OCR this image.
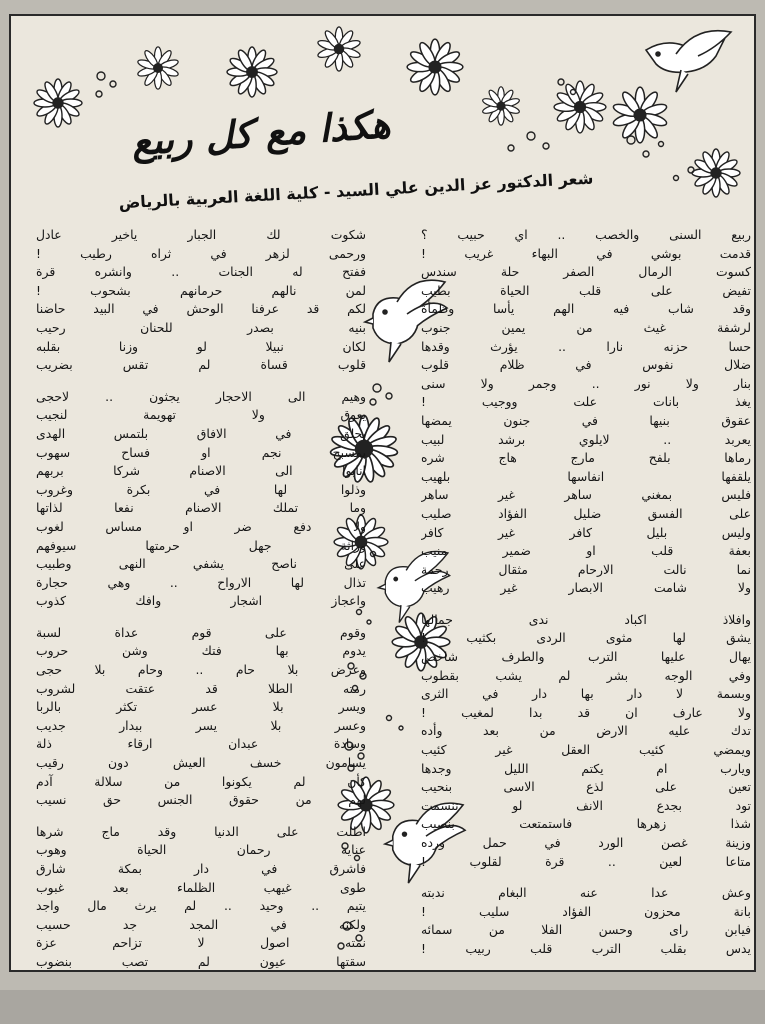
هكذا مع كل ربيع
شعر الدكتور عز الدين علي السيد - كلية اللغة العربية بالرياض
ربيع السنى والخصب .. اي حبيب ؟
قدمت بوشي في البهاء غريب !
كسوت الرمال الصفر حلة سندس
تفيض على قلب الحياة بطيب
وقد شاب فيه الهم يأسا وظمأة
لرشفة غيث من يمين جنوب
حسا حزنه نارا .. يؤرث وقدها
ضلال نفوس في ظلام قلوب
بنار ولا نور .. وجمر ولا سنى
يغذ بانات علت ووجيب !
عقوق بنيها في جنون يمضها
يعربد .. لايلوي برشد لبيب
رماها بلفح مارج هاج شره
يلقفها انفاسها بلهيب
فليس بمغني ساهر غير ساهر
على الفسق ضليل الفؤاد صليب
وليس بليل كافر غير كافر
بعفة قلب او ضمير منيب
نما نالت الارحام مثقال رحمة
ولا شامت الابصار غير رهيب
وافلاذ اكباد ندى جمالها
يشق لها مثوى الردى بكثيب !
يهال عليها الترب والطرف شاخص
وفي الوجه بشر لم يشب بقطوب
وبسمة لا دار بها دار في الثرى
ولا عارف ان قد بدا لمغيب !
تدك عليه الارض من بعد وأده
ويمضي كئيب العقل غير كئيب
ويارب ام يكتم الليل وجدها
تعين على لذع الاسى بنحيب
تود بجدع الانف لو تنسمت
شذا زهرها فاستمتعت بنصيب
وزينة غصن الورد في حمل ورده
متاعا لعين .. قرة لقلوب !
وعش عدا عنه البغام ندبته
بانة محزون الفؤاد سليب !
فيابن راى وحسن الفلا من سمائه
يدس بقلب الترب قلب ربيب !
شكوت لك الجبار ياخير عادل
ورحمى لزهر في ثراه رطيب !
ففتح له الجنات .. وانشره قرة
لمن نالهم حرمانهم بشحوب !
لكم قد عرفنا الوحش في البيد حاضنا
بنيه بصدر للحنان رحيب
لكان نبيلا لو وزنا بقلبه
قلوب قساة لم تقس بضريب
وهيم الى الاحجار يجثون .. لاحجى
يعوق ولا تهويمة لنجيب
يحلق في الافاق بلتمس الهدى
بمسبح نجم او فساح سهوب
انابوا الى الاصنام شركا بربهم
وذلوا لها في بكرة وغروب
وما تملك الاصنام نفعا لذاتها
ولا دفع ضر او مساس لغوب
وراثة جهل حرمتها سيوفهم
على ناصح يشفي النهى وطبيب
تذال لها الارواح .. وهي حجارة
واعجاز اشجار وافك كذوب
وقوم على قوم عداة لسبة
يدوم بها فتك وشن حروب
وعرض بلا حام .. وحام بلا حجى
رمته الطلا قد عتقت لشروب
ويسر بلا عسر تكثر بالربا
وعسر بلا يسر ببدار جديب
وسادة عبدان ارقاء ذلة
يسامون خسف العيش دون رقيب
كأن لم يكونوا من سلالة آدم
لهم من حقوق الجنس حق نسيب
اطلت على الدنيا وقد ماج شرها
عناية رحمان الحياة وهوب
فاشرق في دار بمكة شارق
طوى غيهب الظلماء بعد غبوب
يتيم .. وحيد .. لم يرث مال واجد
ولكنه في المجد جد حسيب
نمته اصول لا تزاحم عزة
سقتها عيون لم تصب بنضوب
